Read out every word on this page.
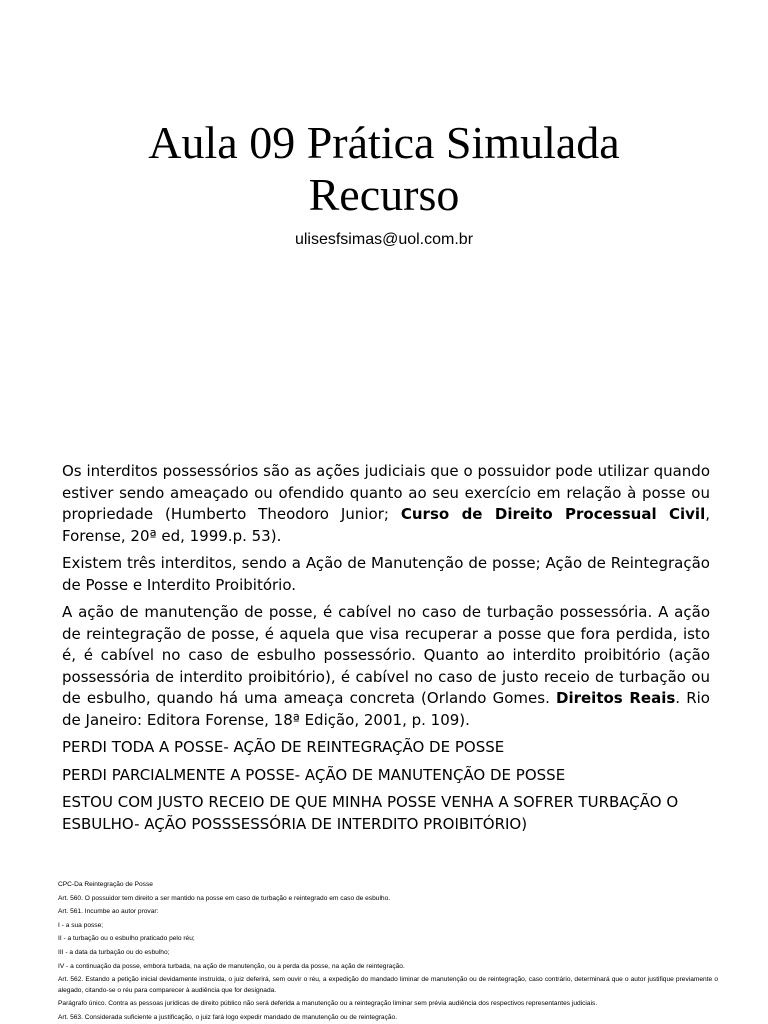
Aula 09 Prática Simulada
Recurso
ulisesfsimas@uol.com.br

Os interditos possessórios são as ações judiciais que o possuidor pode utilizar quando estiver sendo ameaçado ou ofendido quanto ao seu exercício em relação à posse ou propriedade (Humberto Theodoro Junior; Curso de Direito Processual Civil, Forense, 20ª ed, 1999.p. 53).

Existem três interditos, sendo a Ação de Manutenção de posse; Ação de Reintegração de Posse e Interdito Proibitório.

A ação de manutenção de posse, é cabível no caso de turbação possessória. A ação de reintegração de posse, é aquela que visa recuperar a posse que fora perdida, isto é, é cabível no caso de esbulho possessório. Quanto ao interdito proibitório (ação possessória de interdito proibitório), é cabível no caso de justo receio de turbação ou de esbulho, quando há uma ameaça concreta (Orlando Gomes. Direitos Reais. Rio de Janeiro: Editora Forense, 18ª Edição, 2001, p. 109).

PERDI TODA A POSSE- AÇÃO DE REINTEGRAÇÃO DE POSSE

PERDI PARCIALMENTE A POSSE- AÇÃO DE MANUTENÇÃO DE POSSE

ESTOU COM JUSTO RECEIO DE QUE MINHA POSSE VENHA A SOFRER TURBAÇÃO O ESBULHO- AÇÃO POSSSESSÓRIA DE INTERDITO PROIBITÓRIO)

CPC-Da Reintegração de Posse

Art. 560. O possuidor tem direito a ser mantido na posse em caso de turbação e reintegrado em caso de esbulho.

Art. 561. Incumbe ao autor provar:

I - a sua posse;

II - a turbação ou o esbulho praticado pelo réu;

III - a data da turbação ou do esbulho;

IV - a continuação da posse, embora turbada, na ação de manutenção, ou a perda da posse, na ação de reintegração.

Art. 562. Estando a petição inicial devidamente instruída, o juiz deferirá, sem ouvir o réu, a expedição do mandado liminar de manutenção ou de reintegração, caso contrário, determinará que o autor justifique previamente o alegado, citando-se o réu para comparecer à audiência que for designada.

Parágrafo único. Contra as pessoas jurídicas de direito público não será deferida a manutenção ou a reintegração liminar sem prévia audiência dos respectivos representantes judiciais.

Art. 563. Considerada suficiente a justificação, o juiz fará logo expedir mandado de manutenção ou de reintegração.
